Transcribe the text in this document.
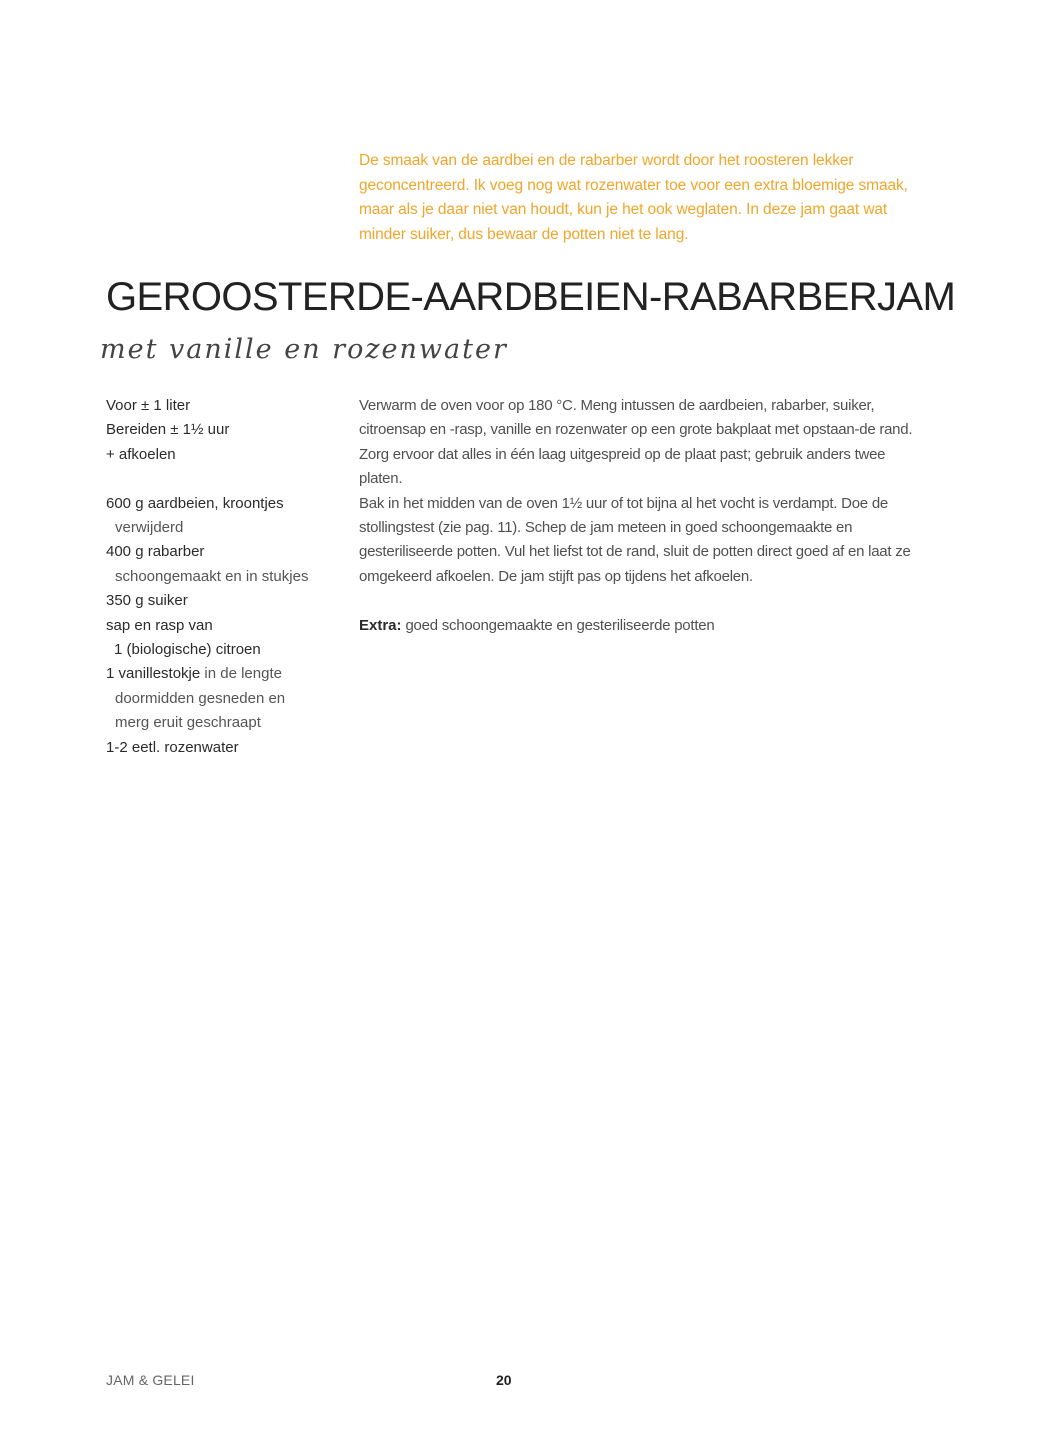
De smaak van de aardbei en de rabarber wordt door het roosteren lekker geconcentreerd. Ik voeg nog wat rozenwater toe voor een extra bloemige smaak, maar als je daar niet van houdt, kun je het ook weglaten. In deze jam gaat wat minder suiker, dus bewaar de potten niet te lang.
GEROOSTERDE-AARDBEIEN-RABARBERJAM
met vanille en rozenwater
Voor ± 1 liter
Bereiden ± 1½ uur
+ afkoelen
600 g aardbeien, kroontjes
verwijderd
400 g rabarber
schoongemaakt en in stukjes
350 g suiker
sap en rasp van
1 (biologische) citroen
1 vanillestokje in de lengte
doormidden gesneden en
merg eruit geschraapt
1-2 eetl. rozenwater

Verwarm de oven voor op 180 °C. Meng intussen de aardbeien, rabarber, suiker, citroensap en -rasp, vanille en rozenwater op een grote bakplaat met opstaan-de rand. Zorg ervoor dat alles in één laag uitgespreid op de plaat past; gebruik anders twee platen.

Bak in het midden van de oven 1½ uur of tot bijna al het vocht is verdampt. Doe de stollingstest (zie pag. 11). Schep de jam meteen in goed schoongemaakte en gesteriliseerde potten. Vul het liefst tot de rand, sluit de potten direct goed af en laat ze omgekeerd afkoelen. De jam stijft pas op tijdens het afkoelen.

Extra: goed schoongemaakte en gesteriliseerde potten

JAM & GELEI	20
